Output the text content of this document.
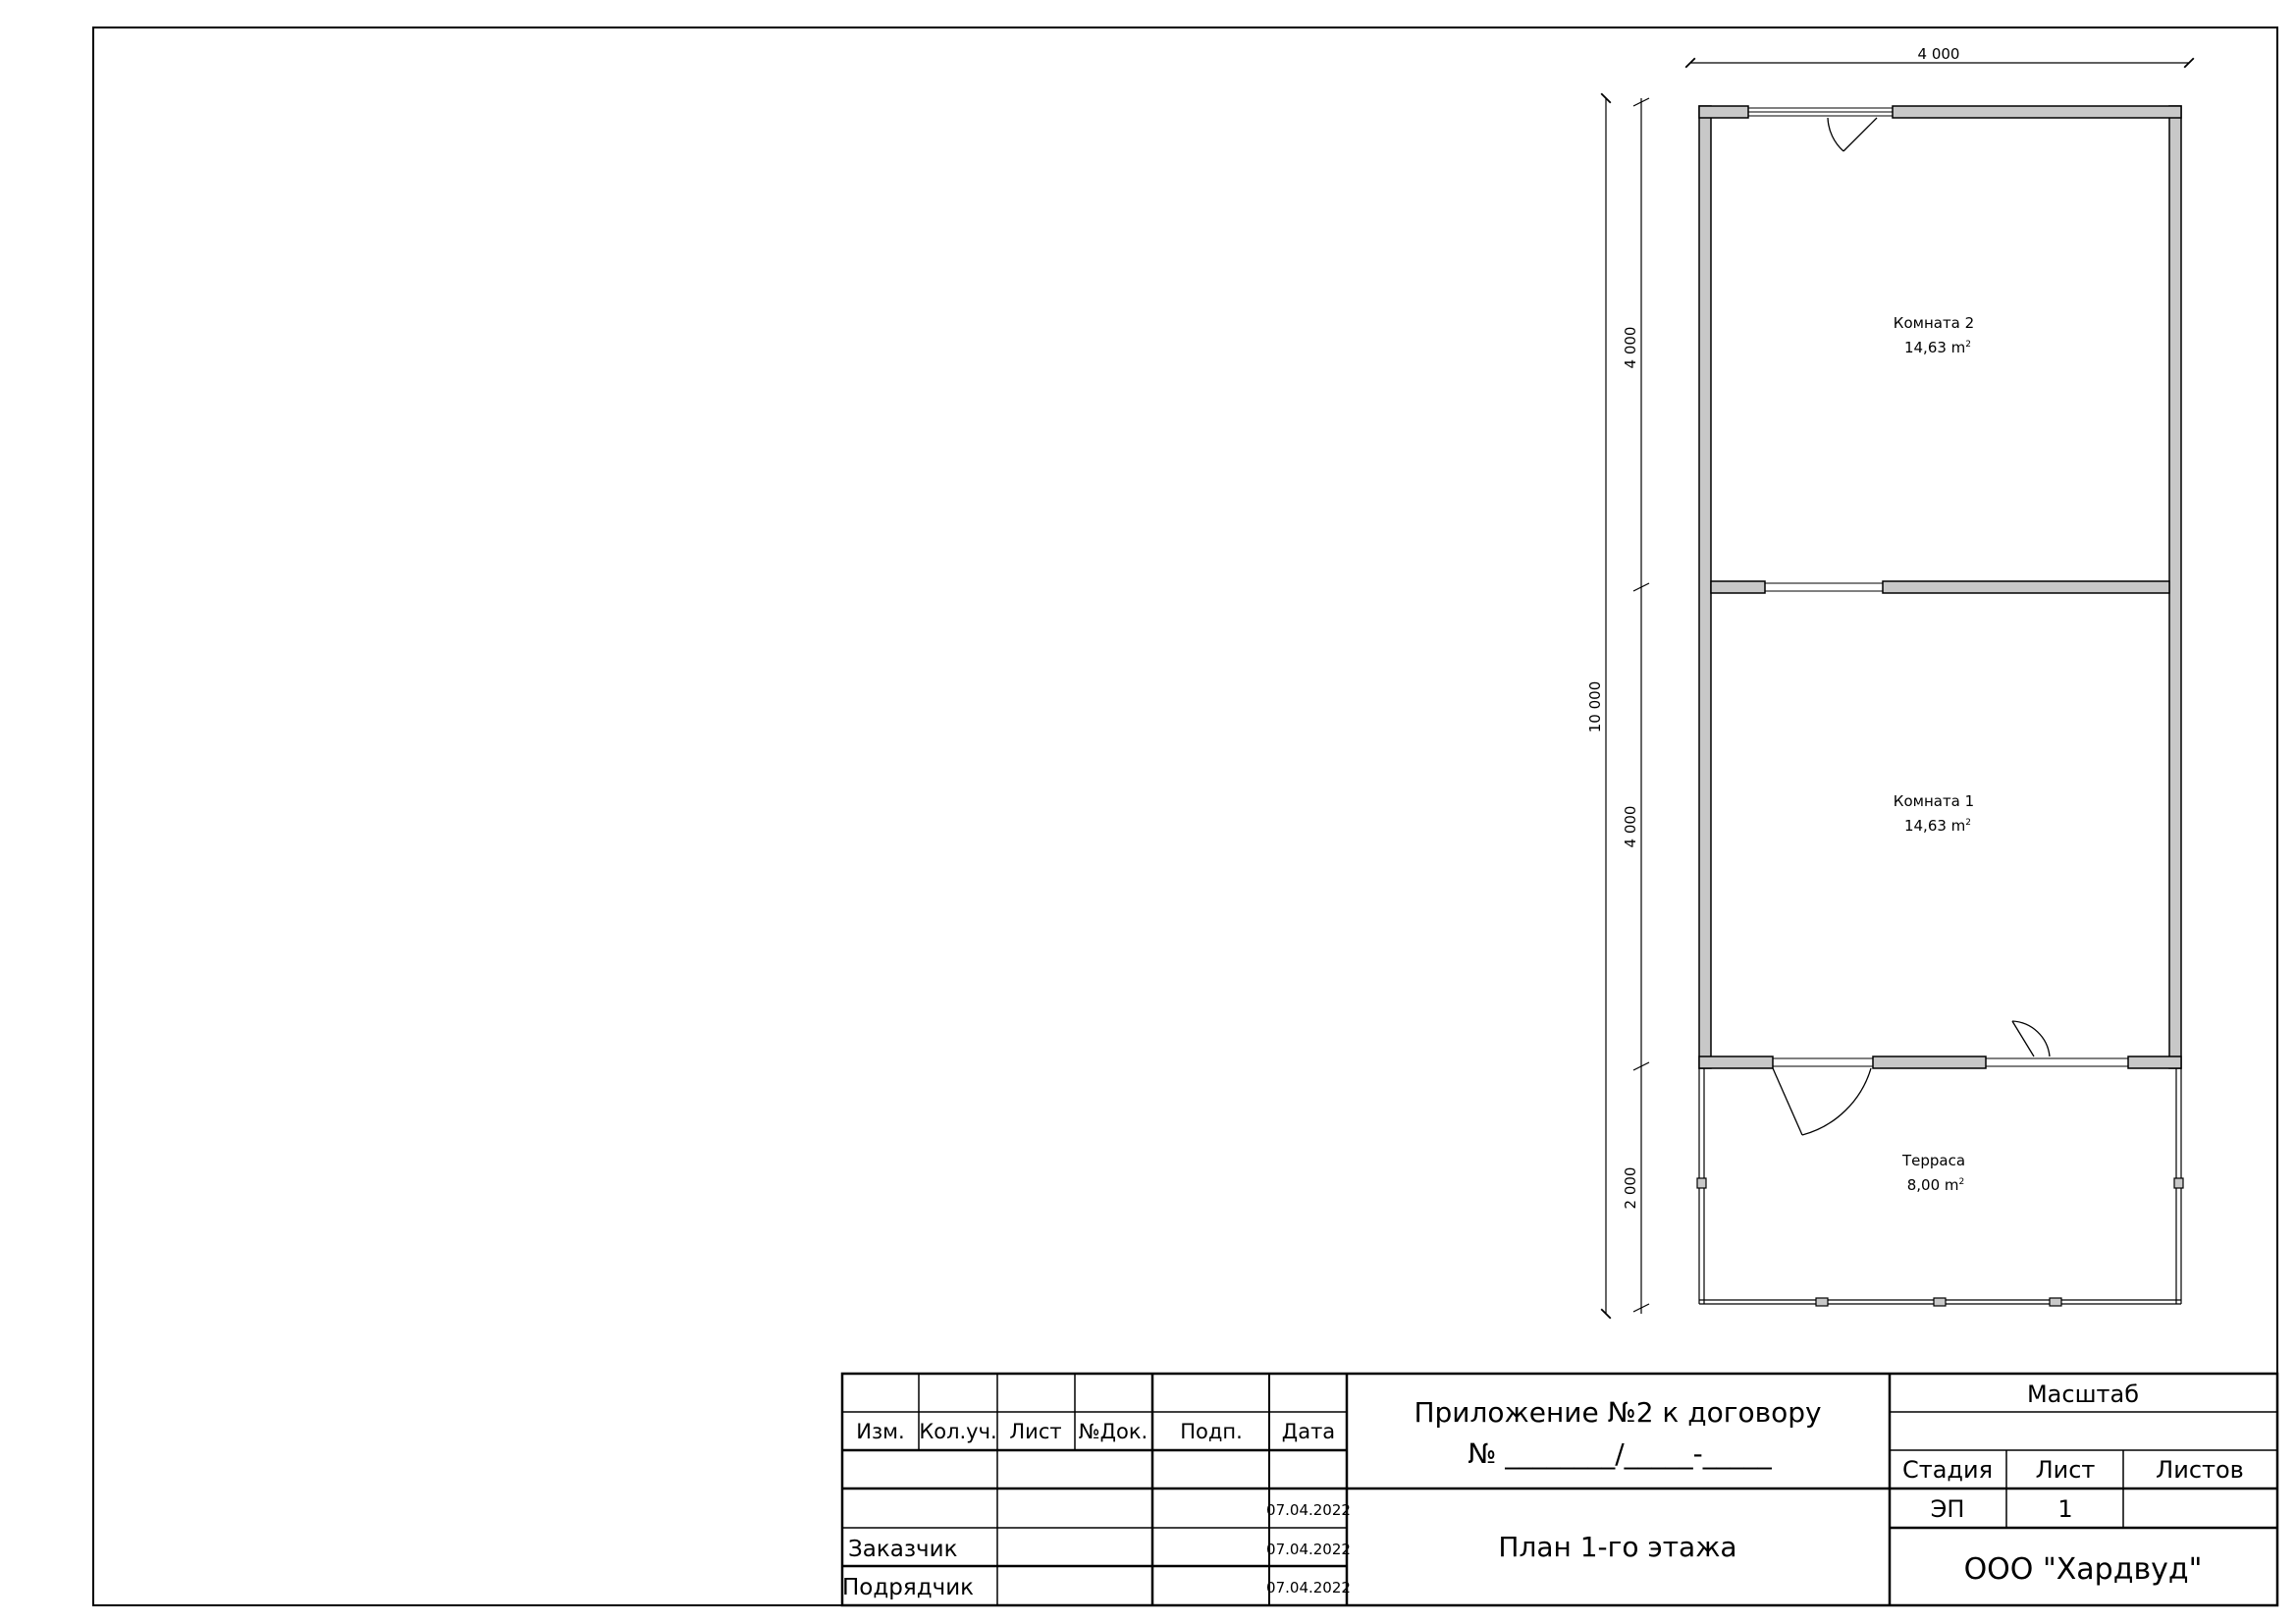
Комната 2
14,63 $m^2$
Комната 1
14,63 $m^2$
Терраса
8,00 $m^2$
4 000
10 000
4 000
4 000
2 000
Изм. Кол.уч. Лист №Док. Подп. Дата
07.04.2022
07.04.2022
07.04.2022
Заказчик
Подрядчик
Приложение №2 к договору
№ ________/_____-_____
План 1-го этажа
Масштаб
Стадия Лист	Листов
ЭП	1
ООО "Хардвуд"
